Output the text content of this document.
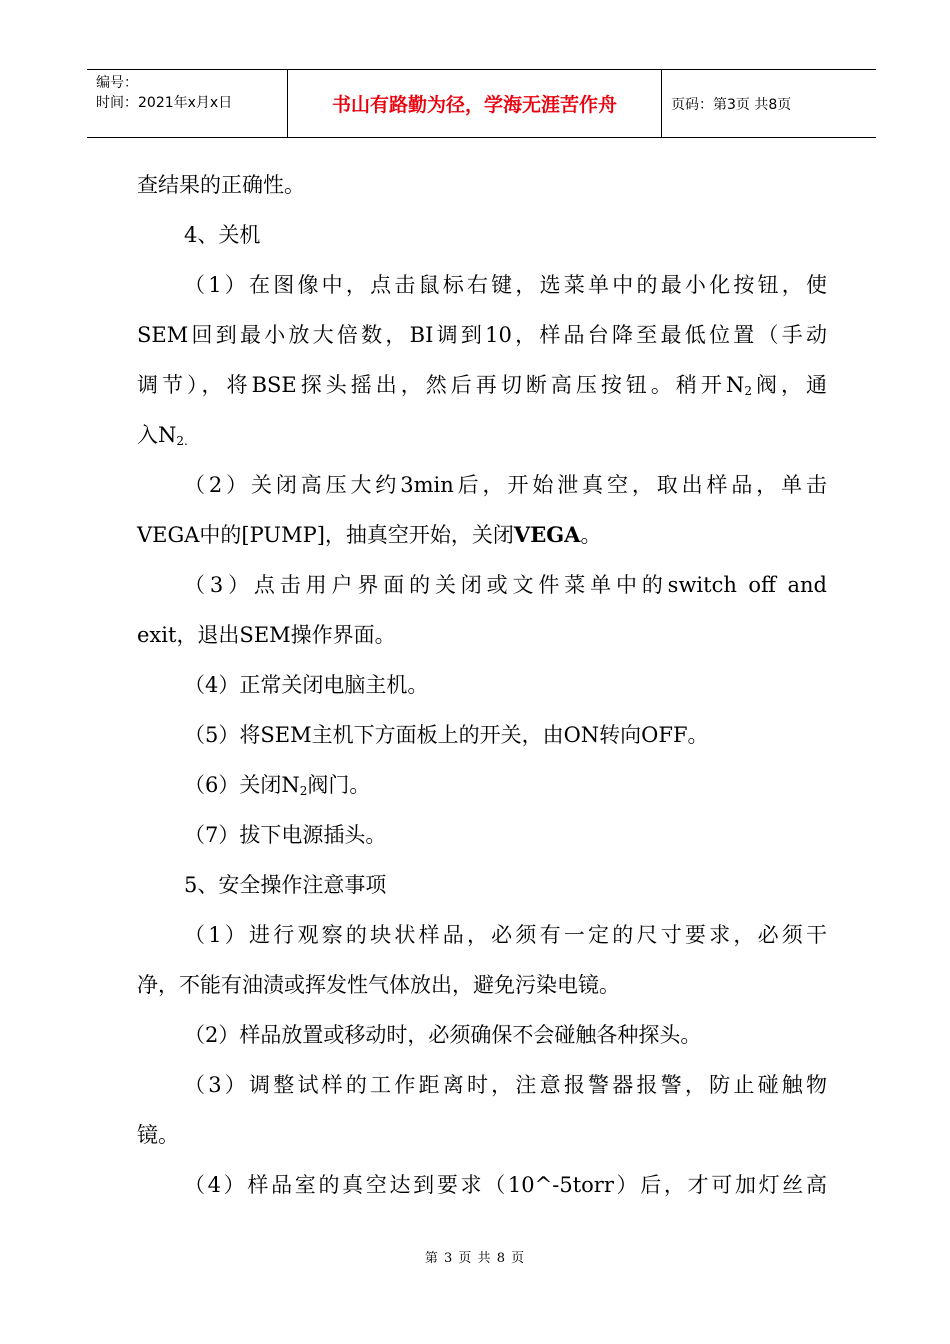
编号：
时间：2021年x月x日	书山有路勤为径，学海无涯苦作舟	页码：第3页 共8页
查结果的正确性。
4、关机
（1）在图像中，点击鼠标右键，选菜单中的最小化按钮，使
SEM回到最小放大倍数，BI调到10，样品台降至最低位置（手动
调节），将BSE探头摇出，然后再切断高压按钮。稍开$N_2$阀，通
入$N_{2.}$
（2）关闭高压大约3min后，开始泄真空，取出样品，单击
VEGA中的[PUMP]，抽真空开始，关闭VEGA。
（3）点击用户界面的关闭或文件菜单中的switch off and
exit，退出SEM操作界面。
（4）正常关闭电脑主机。
（5）将SEM主机下方面板上的开关，由ON转向OFF。
（6）关闭$N_2$阀门。
（7）拔下电源插头。
5、安全操作注意事项
（1）进行观察的块状样品，必须有一定的尺寸要求，必须干
净，不能有油渍或挥发性气体放出，避免污染电镜。
（2）样品放置或移动时，必须确保不会碰触各种探头。
（3）调整试样的工作距离时，注意报警器报警，防止碰触物
镜。
（4）样品室的真空达到要求（10^-5torr）后，才可加灯丝高
第 3 页 共 8 页
